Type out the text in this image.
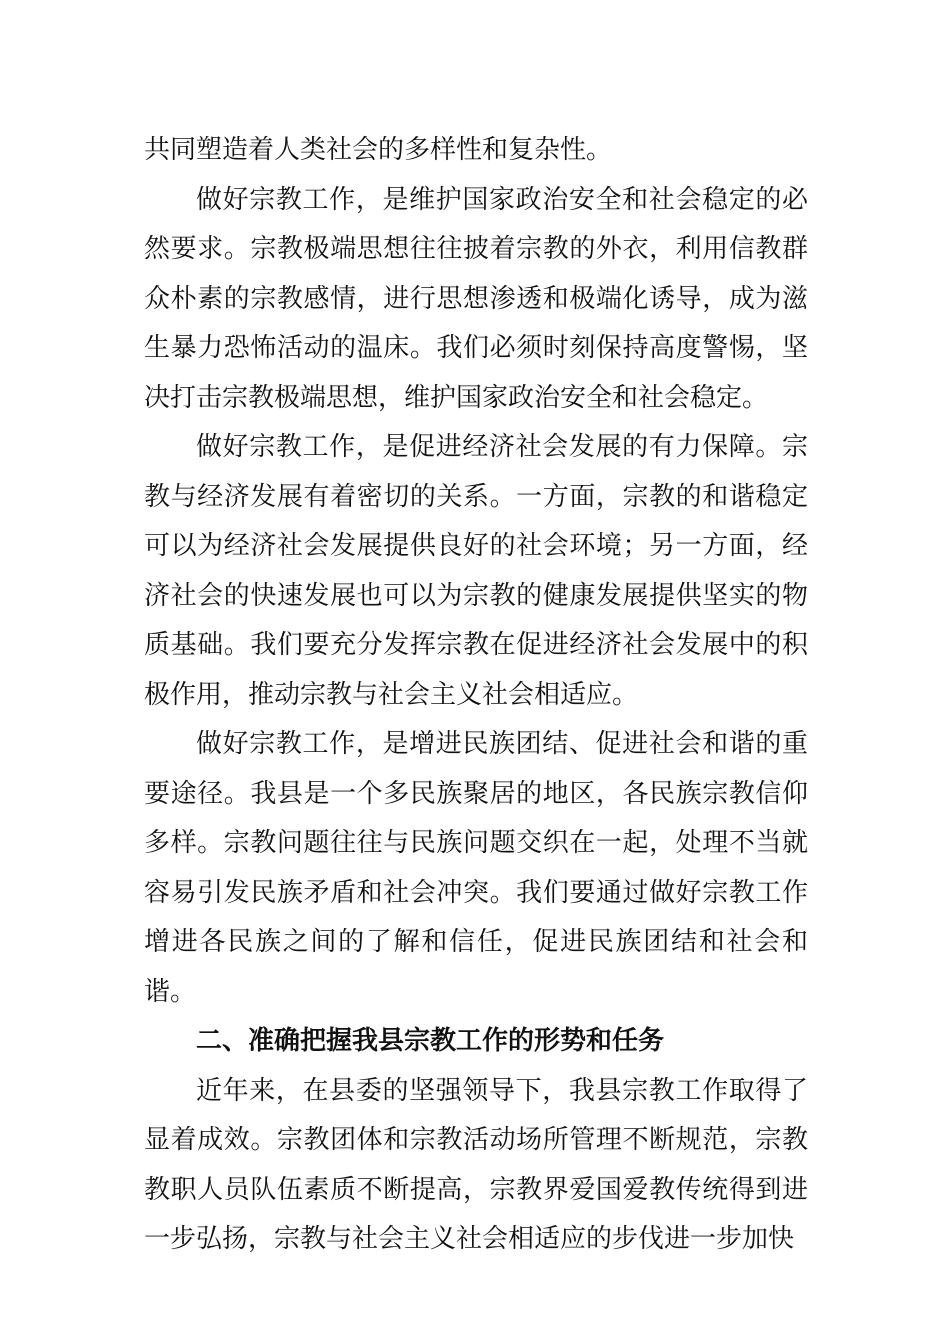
共同塑造着人类社会的多样性和复杂性。

做好宗教工作，是维护国家政治安全和社会稳定的必然要求。宗教极端思想往往披着宗教的外衣，利用信教群众朴素的宗教感情，进行思想渗透和极端化诱导，成为滋生暴力恐怖活动的温床。我们必须时刻保持高度警惕，坚决打击宗教极端思想，维护国家政治安全和社会稳定。

做好宗教工作，是促进经济社会发展的有力保障。宗教与经济发展有着密切的关系。一方面，宗教的和谐稳定可以为经济社会发展提供良好的社会环境；另一方面，经济社会的快速发展也可以为宗教的健康发展提供坚实的物质基础。我们要充分发挥宗教在促进经济社会发展中的积极作用，推动宗教与社会主义社会相适应。

做好宗教工作，是增进民族团结、促进社会和谐的重要途径。我县是一个多民族聚居的地区，各民族宗教信仰多样。宗教问题往往与民族问题交织在一起，处理不当就容易引发民族矛盾和社会冲突。我们要通过做好宗教工作增进各民族之间的了解和信任，促进民族团结和社会和谐。

二、准确把握我县宗教工作的形势和任务

近年来，在县委的坚强领导下，我县宗教工作取得了显着成效。宗教团体和宗教活动场所管理不断规范，宗教教职人员队伍素质不断提高，宗教界爱国爱教传统得到进一步弘扬，宗教与社会主义社会相适应的步伐进一步加快
